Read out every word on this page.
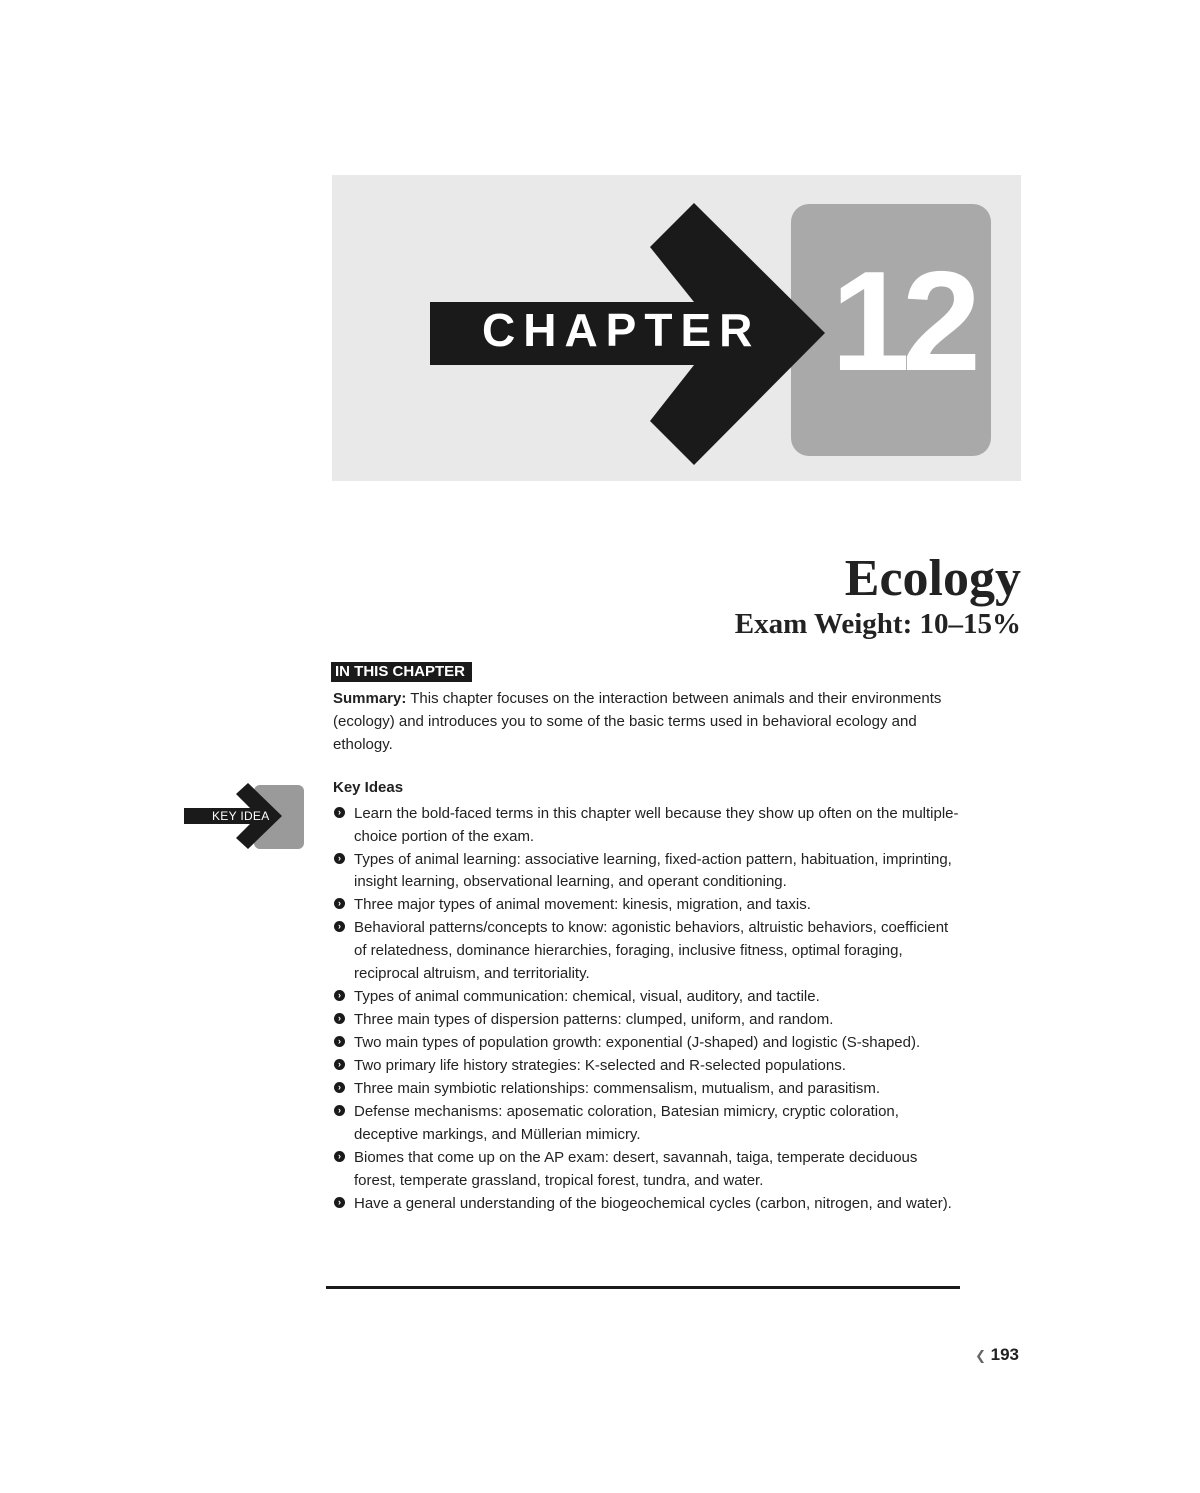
CHAPTER 12
Ecology
Exam Weight: 10–15%
IN THIS CHAPTER
Summary: This chapter focuses on the interaction between animals and their environments (ecology) and introduces you to some of the basic terms used in behavioral ecology and ethology.
KEY IDEA
Key Ideas
› Learn the bold-faced terms in this chapter well because they show up often on the multiple-choice portion of the exam.
› Types of animal learning: associative learning, fixed-action pattern, habituation, imprinting, insight learning, observational learning, and operant conditioning.
› Three major types of animal movement: kinesis, migration, and taxis.
› Behavioral patterns/concepts to know: agonistic behaviors, altruistic behaviors, coefficient of relatedness, dominance hierarchies, foraging, inclusive fitness, optimal foraging, reciprocal altruism, and territoriality.
› Types of animal communication: chemical, visual, auditory, and tactile.
› Three main types of dispersion patterns: clumped, uniform, and random.
› Two main types of population growth: exponential (J-shaped) and logistic (S-shaped).
› Two primary life history strategies: K-selected and R-selected populations.
› Three main symbiotic relationships: commensalism, mutualism, and parasitism.
› Defense mechanisms: aposematic coloration, Batesian mimicry, cryptic coloration, deceptive markings, and Müllerian mimicry.
› Biomes that come up on the AP exam: desert, savannah, taiga, temperate deciduous forest, temperate grassland, tropical forest, tundra, and water.
› Have a general understanding of the biogeochemical cycles (carbon, nitrogen, and water).
❮ 193
